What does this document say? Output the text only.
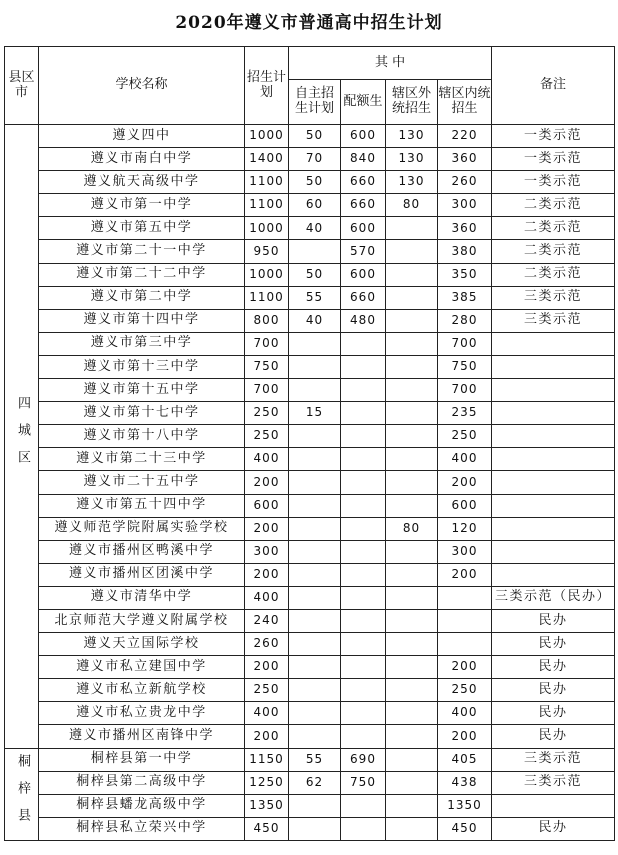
2020年遵义市普通高中招生计划
县区市	学校名称	招生计划	其 中				备注
			自主招生计划	配额生	辖区外统招生	辖区内统招生	
四城区	遵义四中	1000	50	600	130	220	一类示范
	遵义市南白中学	1400	70	840	130	360	一类示范
	遵义航天高级中学	1100	50	660	130	260	一类示范
	遵义市第一中学	1100	60	660	80	300	二类示范
	遵义市第五中学	1000	40	600		360	二类示范
	遵义市第二十一中学	950		570		380	二类示范
	遵义市第二十二中学	1000	50	600		350	二类示范
	遵义市第二中学	1100	55	660		385	三类示范
	遵义市第十四中学	800	40	480		280	三类示范
	遵义市第三中学	700				700	
	遵义市第十三中学	750				750	
	遵义市第十五中学	700				700	
	遵义市第十七中学	250	15			235	
	遵义市第十八中学	250				250	
	遵义市第二十三中学	400				400	
	遵义市二十五中学	200				200	
	遵义市第五十四中学	600				600	
	遵义师范学院附属实验学校	200			80	120	
	遵义市播州区鸭溪中学	300				300	
	遵义市播州区团溪中学	200				200	
	遵义市清华中学	400					三类示范（民办）
	北京师范大学遵义附属学校	240					民办
	遵义天立国际学校	260					民办
	遵义市私立建国中学	200				200	民办
	遵义市私立新航学校	250				250	民办
	遵义市私立贵龙中学	400				400	民办
	遵义市播州区南锋中学	200				200	民办
桐梓县	桐梓县第一中学	1150	55	690		405	三类示范
	桐梓县第二高级中学	1250	62	750		438	三类示范
	桐梓县蟠龙高级中学	1350				1350	
	桐梓县私立荣兴中学	450				450	民办
